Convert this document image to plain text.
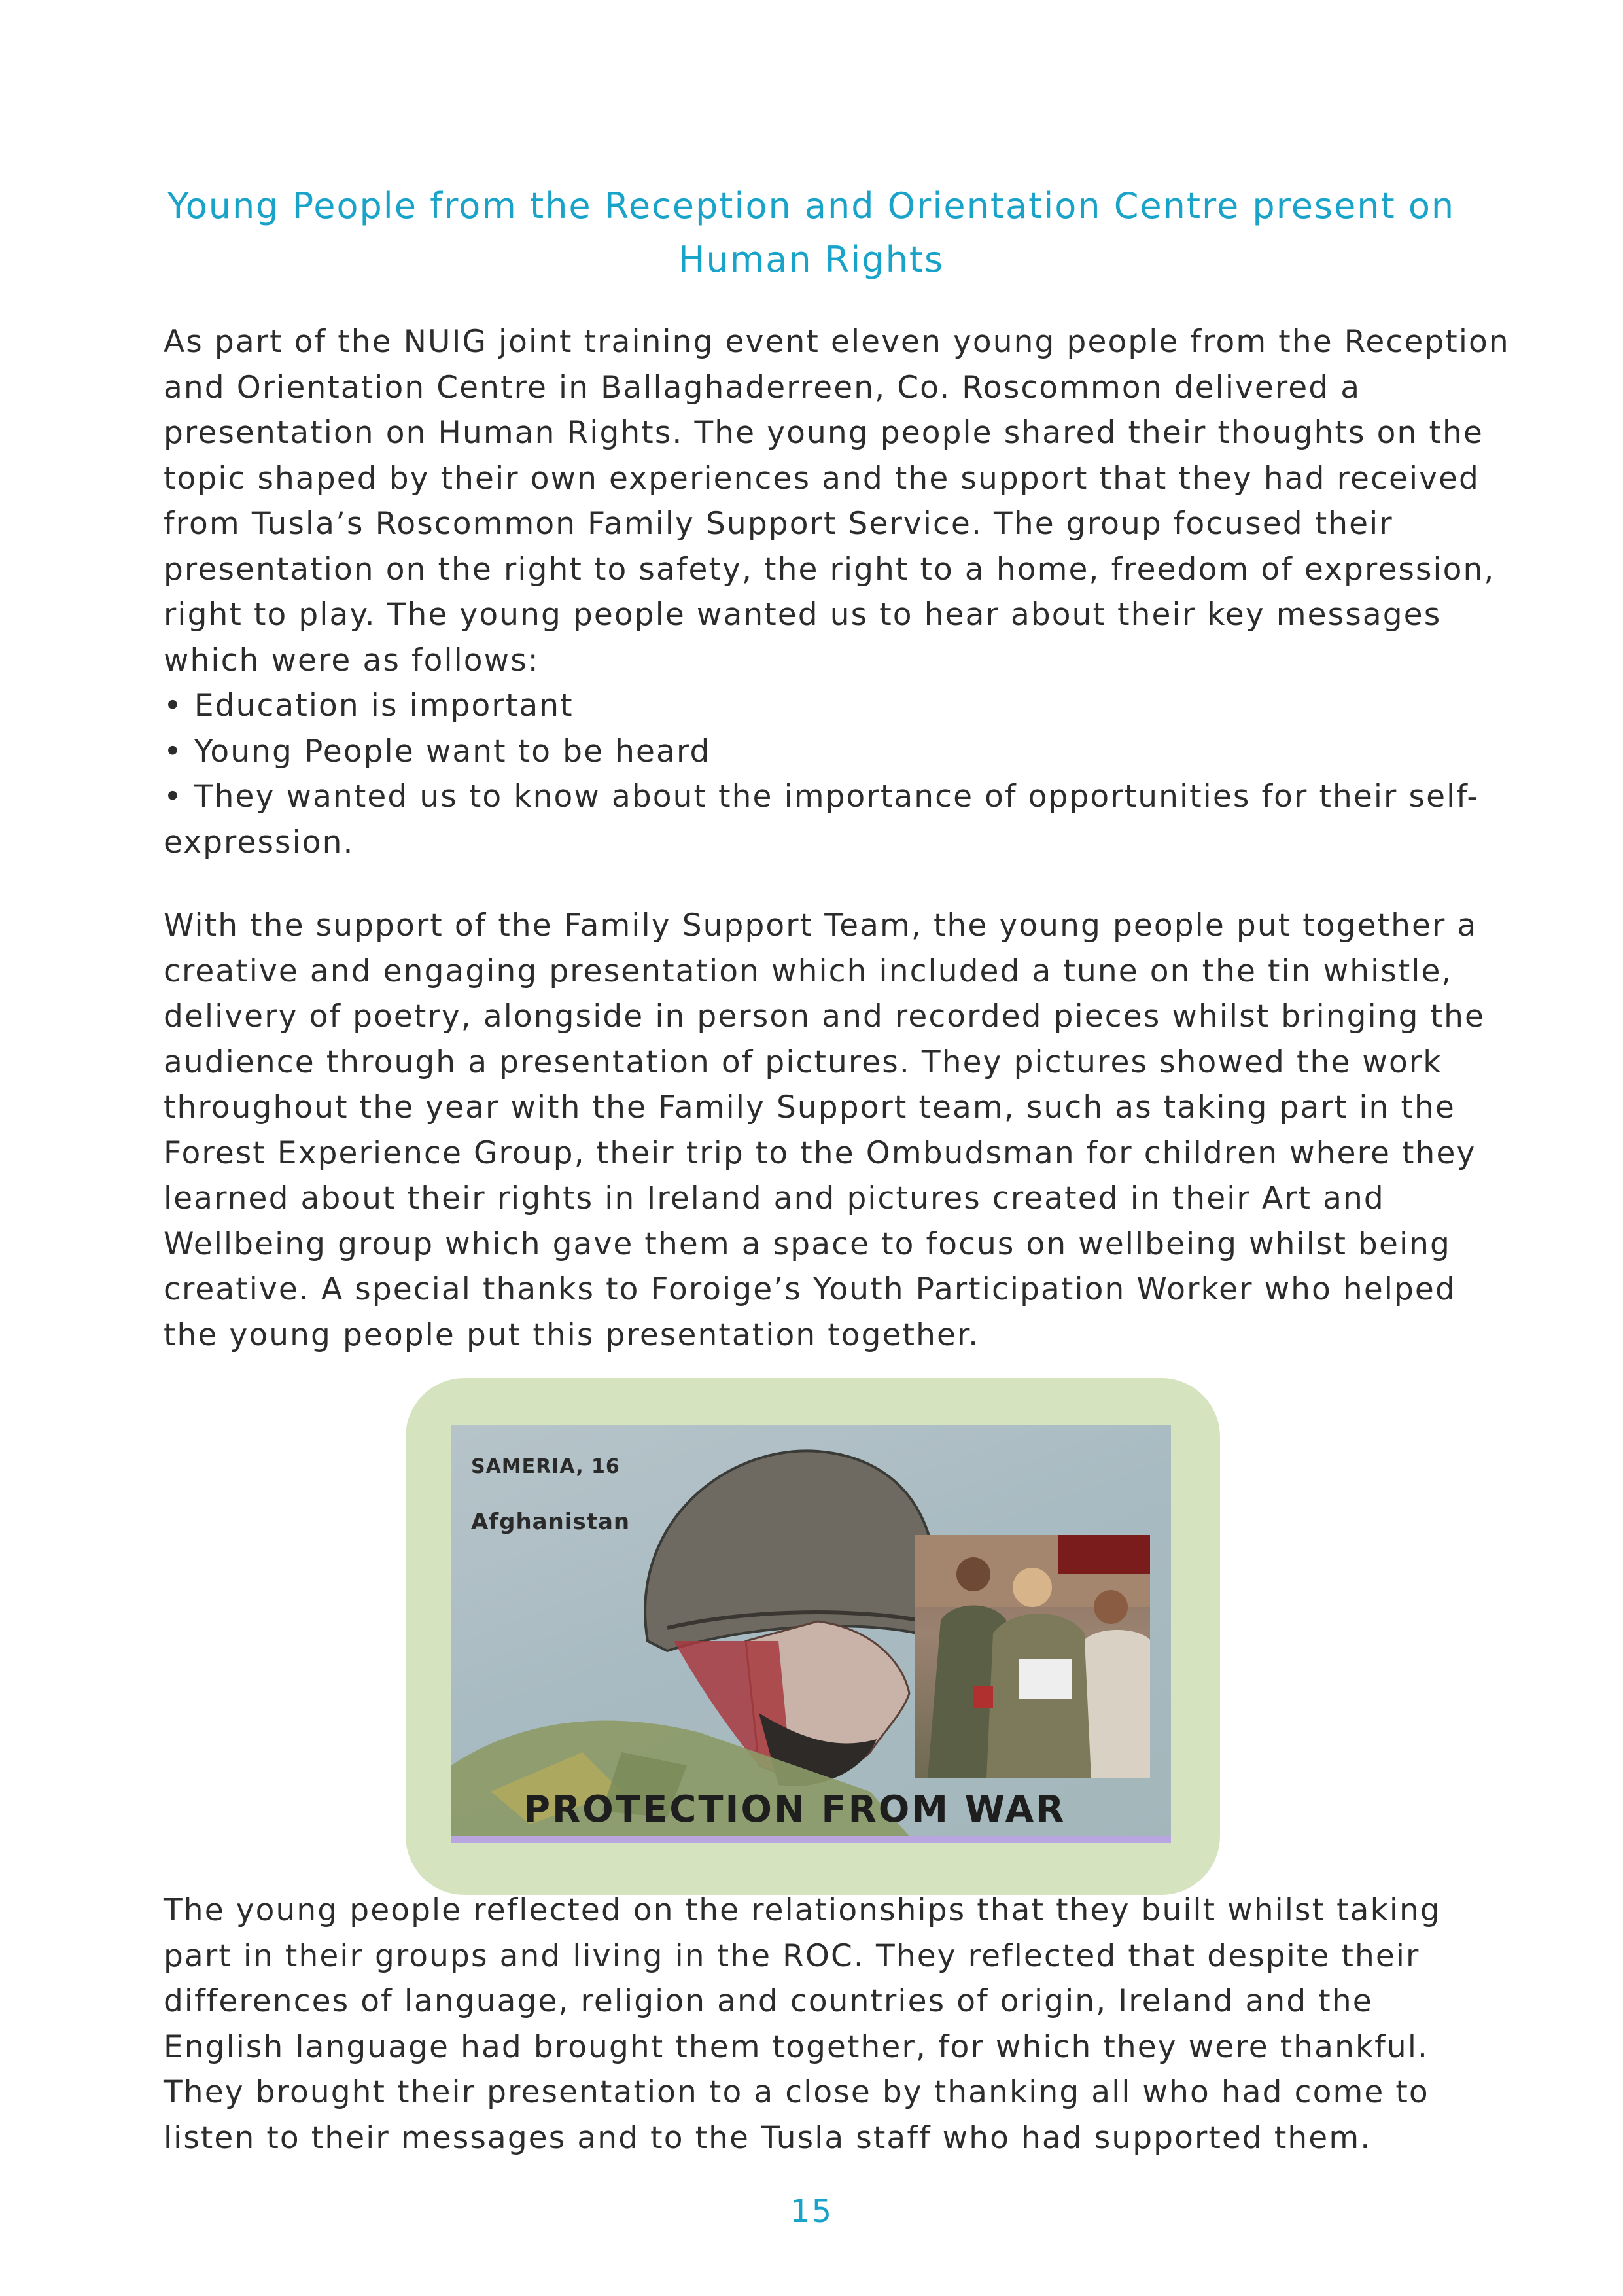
Young People from the Reception and Orientation Centre present on
Human Rights

As part of the NUIG joint training event eleven young people from the Reception
and Orientation Centre in Ballaghaderreen, Co. Roscommon delivered a
presentation on Human Rights. The young people shared their thoughts on the
topic shaped by their own experiences and the support that they had received
from Tusla’s Roscommon Family Support Service. The group focused their
presentation on the right to safety, the right to a home, freedom of expression,
right to play. The young people wanted us to hear about their key messages
which were as follows:
• Education is important
• Young People want to be heard
• They wanted us to know about the importance of opportunities for their self-
expression.

With the support of the Family Support Team, the young people put together a
creative and engaging presentation which included a tune on the tin whistle,
delivery of poetry, alongside in person and recorded pieces whilst bringing the
audience through a presentation of pictures. They pictures showed the work
throughout the year with the Family Support team, such as taking part in the
Forest Experience Group, their trip to the Ombudsman for children where they
learned about their rights in Ireland and pictures created in their Art and
Wellbeing group which gave them a space to focus on wellbeing whilst being
creative. A special thanks to Foroige’s Youth Participation Worker who helped
the young people put this presentation together.

SAMERIA, 16
Afghanistan
PROTECTION FROM WAR

The young people reflected on the relationships that they built whilst taking
part in their groups and living in the ROC. They reflected that despite their
differences of language, religion and countries of origin, Ireland and the
English language had brought them together, for which they were thankful.
They brought their presentation to a close by thanking all who had come to
listen to their messages and to the Tusla staff who had supported them.

15
